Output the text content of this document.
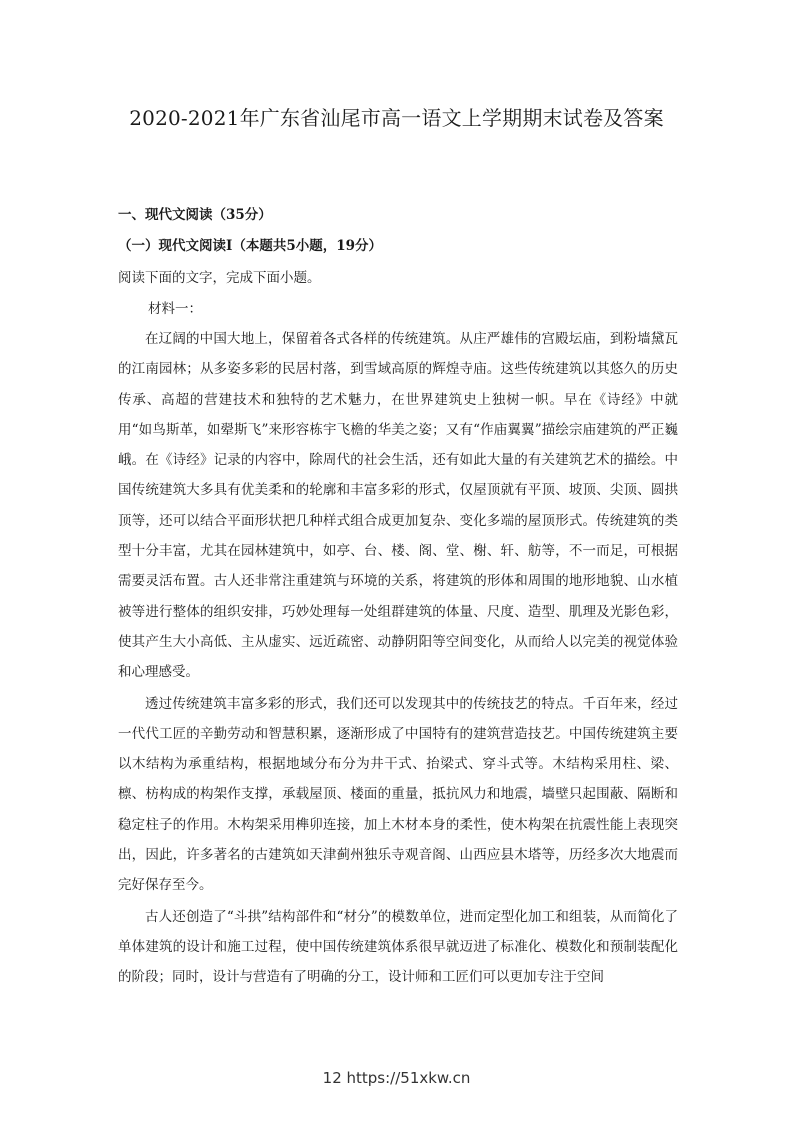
2020-2021年广东省汕尾市高一语文上学期期末试卷及答案

一、现代文阅读（35分）

（一）现代文阅读Ⅰ（本题共5小题，19分）

阅读下面的文字，完成下面小题。

材料一：

在辽阔的中国大地上，保留着各式各样的传统建筑。从庄严雄伟的宫殿坛庙，到粉墙黛瓦的江南园林；从多姿多彩的民居村落，到雪域高原的辉煌寺庙。这些传统建筑以其悠久的历史传承、高超的营建技术和独特的艺术魅力，在世界建筑史上独树一帜。早在《诗经》中就用“如鸟斯革，如翚斯飞”来形容栋宇飞檐的华美之姿；又有“作庙翼翼”描绘宗庙建筑的严正巍峨。在《诗经》记录的内容中，除周代的社会生活，还有如此大量的有关建筑艺术的描绘。中国传统建筑大多具有优美柔和的轮廓和丰富多彩的形式，仅屋顶就有平顶、坡顶、尖顶、圆拱顶等，还可以结合平面形状把几种样式组合成更加复杂、变化多端的屋顶形式。传统建筑的类型十分丰富，尤其在园林建筑中，如亭、台、楼、阁、堂、榭、轩、舫等，不一而足，可根据需要灵活布置。古人还非常注重建筑与环境的关系，将建筑的形体和周围的地形地貌、山水植被等进行整体的组织安排，巧妙处理每一处组群建筑的体量、尺度、造型、肌理及光影色彩，使其产生大小高低、主从虚实、远近疏密、动静阴阳等空间变化，从而给人以完美的视觉体验和心理感受。

透过传统建筑丰富多彩的形式，我们还可以发现其中的传统技艺的特点。千百年来，经过一代代工匠的辛勤劳动和智慧积累，逐渐形成了中国特有的建筑营造技艺。中国传统建筑主要以木结构为承重结构，根据地域分布分为井干式、抬梁式、穿斗式等。木结构采用柱、梁、檩、枋构成的构架作支撑，承载屋顶、楼面的重量，抵抗风力和地震，墙壁只起围蔽、隔断和稳定柱子的作用。木构架采用榫卯连接，加上木材本身的柔性，使木构架在抗震性能上表现突出，因此，许多著名的古建筑如天津蓟州独乐寺观音阁、山西应县木塔等，历经多次大地震而完好保存至今。

古人还创造了“斗拱”结构部件和“材分”的模数单位，进而定型化加工和组装，从而简化了单体建筑的设计和施工过程，使中国传统建筑体系很早就迈进了标准化、模数化和预制装配化的阶段；同时，设计与营造有了明确的分工，设计师和工匠们可以更加专注于空间

12 https://51xkw.cn
